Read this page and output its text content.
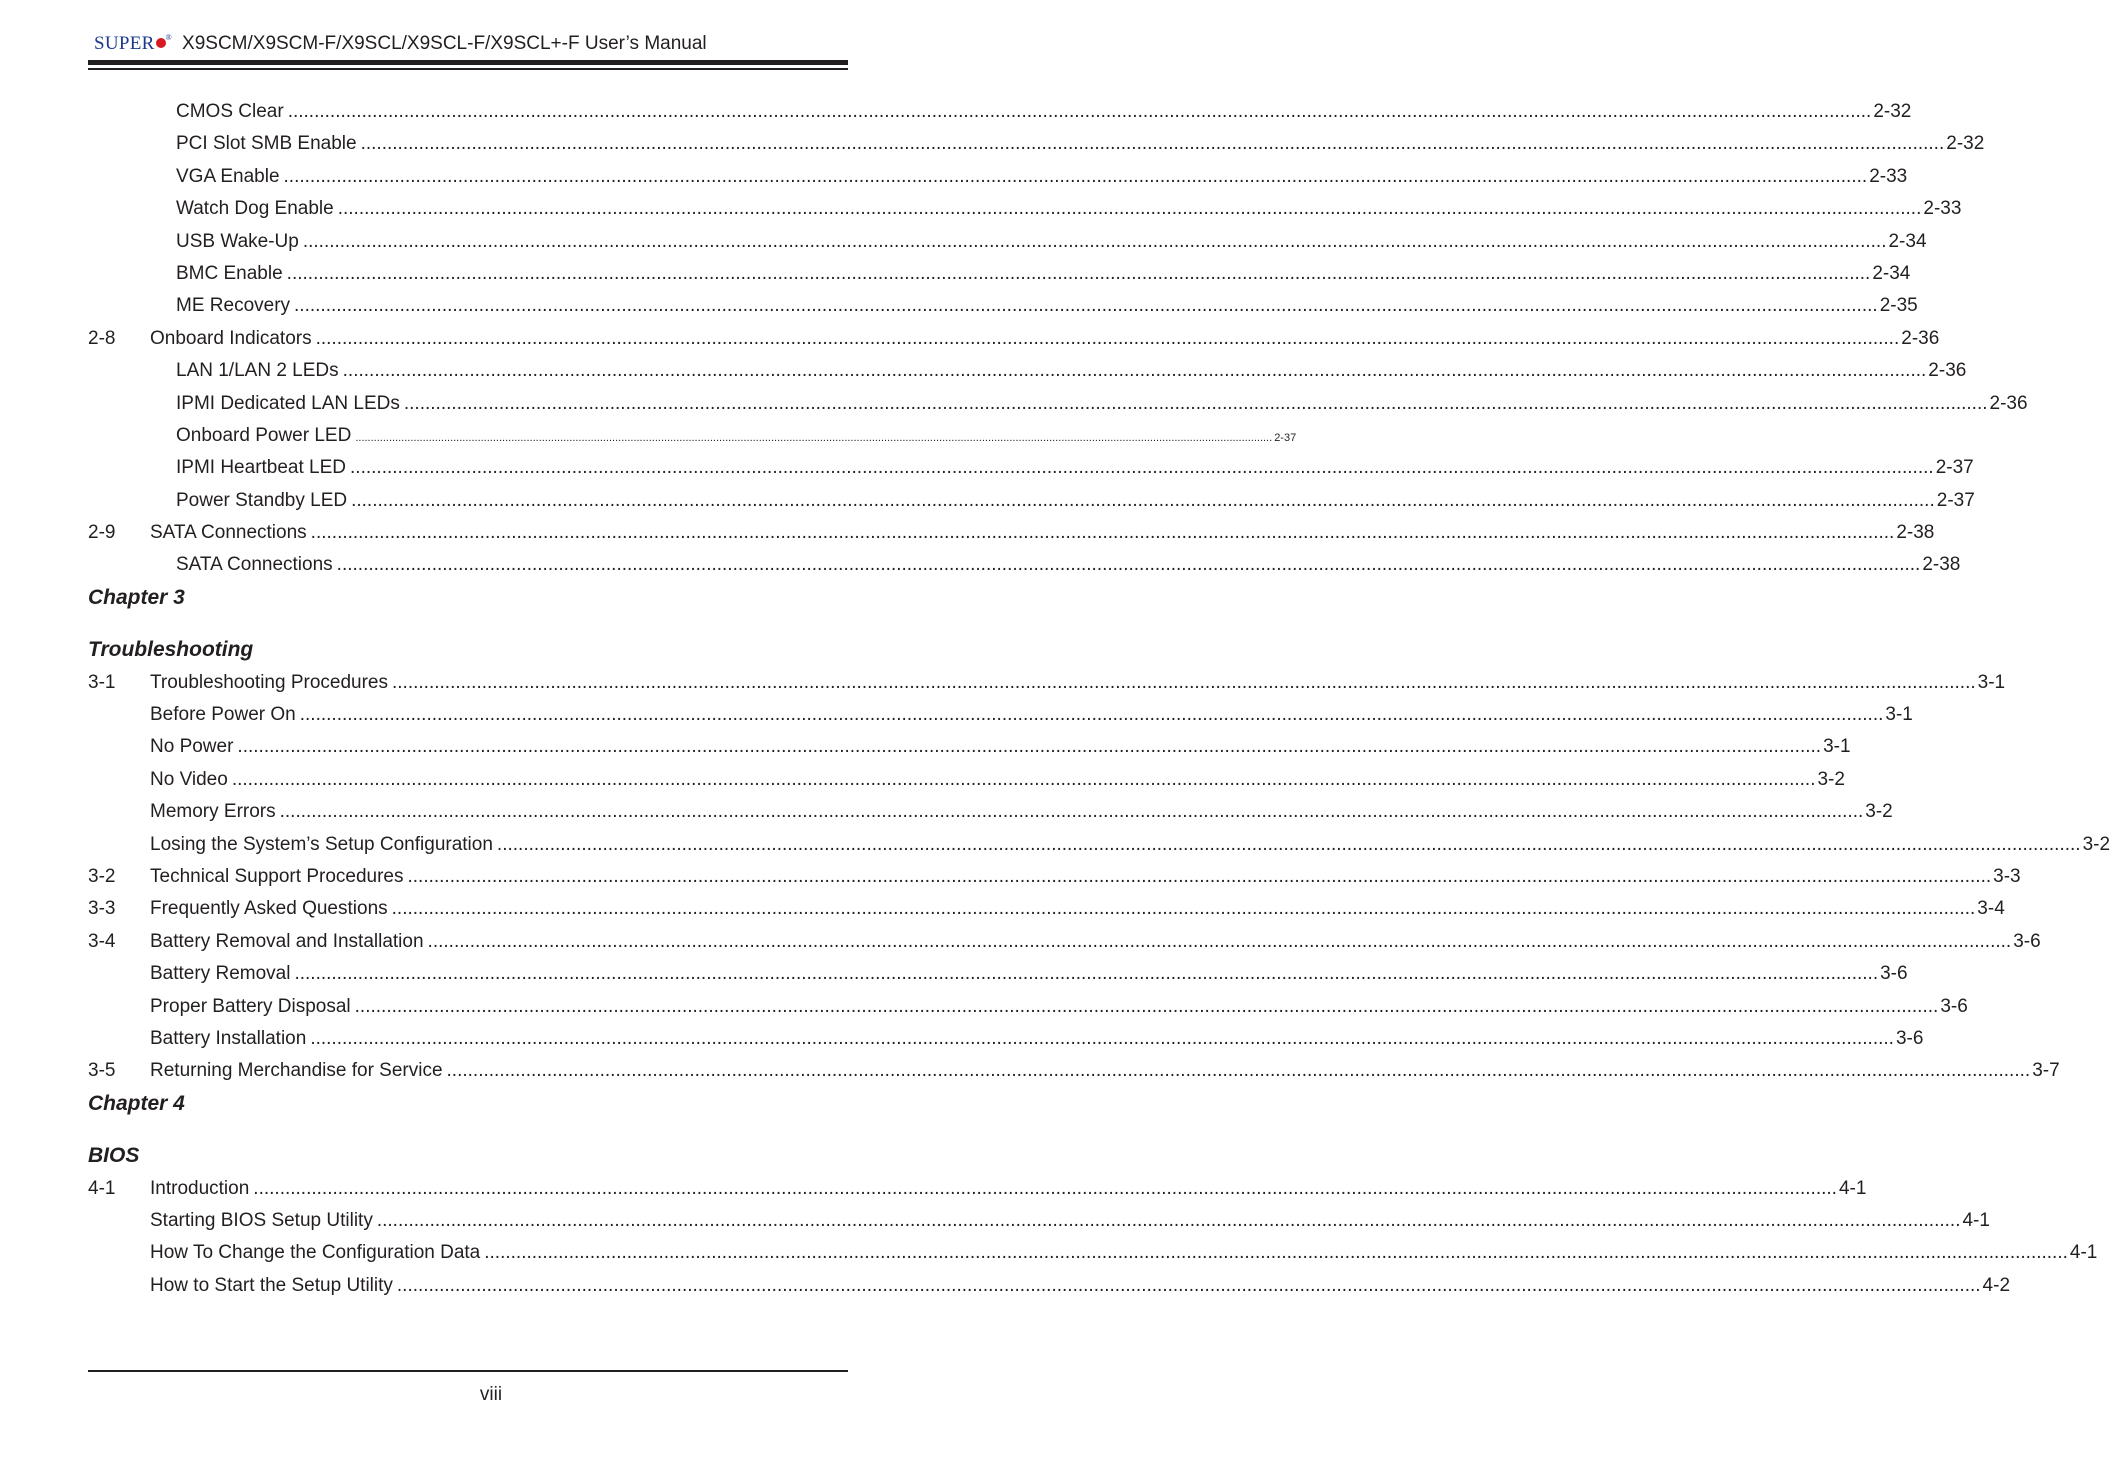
SUPER ® X9SCM/X9SCM-F/X9SCL/X9SCL-F/X9SCL+-F User’s Manual
CMOS Clear ............................................................................................................................................................................................................................................................................................................ 2-32
PCI Slot SMB Enable ............................................................................................................................................................................................................................................................................................................ 2-32
VGA Enable ............................................................................................................................................................................................................................................................................................................ 2-33
Watch Dog Enable ............................................................................................................................................................................................................................................................................................................ 2-33
USB Wake-Up ............................................................................................................................................................................................................................................................................................................ 2-34
BMC Enable ............................................................................................................................................................................................................................................................................................................ 2-34
ME Recovery ............................................................................................................................................................................................................................................................................................................ 2-35
2-8 Onboard Indicators ............................................................................................................................................................................................................................................................................................................ 2-36
LAN 1/LAN 2 LEDs ............................................................................................................................................................................................................................................................................................................ 2-36
IPMI Dedicated LAN LEDs ............................................................................................................................................................................................................................................................................................................ 2-36
Onboard Power LED ............................................................................................................................................................................................................................................................................................................ 2-37
IPMI Heartbeat LED ............................................................................................................................................................................................................................................................................................................ 2-37
Power Standby LED ............................................................................................................................................................................................................................................................................................................ 2-37
2-9 SATA Connections ............................................................................................................................................................................................................................................................................................................ 2-38
SATA Connections ............................................................................................................................................................................................................................................................................................................ 2-38
Chapter 3
Troubleshooting
3-1 Troubleshooting Procedures ............................................................................................................................................................................................................................................................................................................ 3-1
Before Power On ............................................................................................................................................................................................................................................................................................................ 3-1
No Power ............................................................................................................................................................................................................................................................................................................ 3-1
No Video ............................................................................................................................................................................................................................................................................................................ 3-2
Memory Errors ............................................................................................................................................................................................................................................................................................................ 3-2
Losing the System’s Setup Configuration ............................................................................................................................................................................................................................................................................................................ 3-2
3-2 Technical Support Procedures ............................................................................................................................................................................................................................................................................................................ 3-3
3-3 Frequently Asked Questions ............................................................................................................................................................................................................................................................................................................ 3-4
3-4 Battery Removal and Installation ............................................................................................................................................................................................................................................................................................................ 3-6
Battery Removal ............................................................................................................................................................................................................................................................................................................ 3-6
Proper Battery Disposal ............................................................................................................................................................................................................................................................................................................ 3-6
Battery Installation ............................................................................................................................................................................................................................................................................................................ 3-6
3-5 Returning Merchandise for Service ............................................................................................................................................................................................................................................................................................................ 3-7
Chapter 4
BIOS
4-1 Introduction ............................................................................................................................................................................................................................................................................................................ 4-1
Starting BIOS Setup Utility ............................................................................................................................................................................................................................................................................................................ 4-1
How To Change the Configuration Data ............................................................................................................................................................................................................................................................................................................ 4-1
How to Start the Setup Utility ............................................................................................................................................................................................................................................................................................................ 4-2
viii
